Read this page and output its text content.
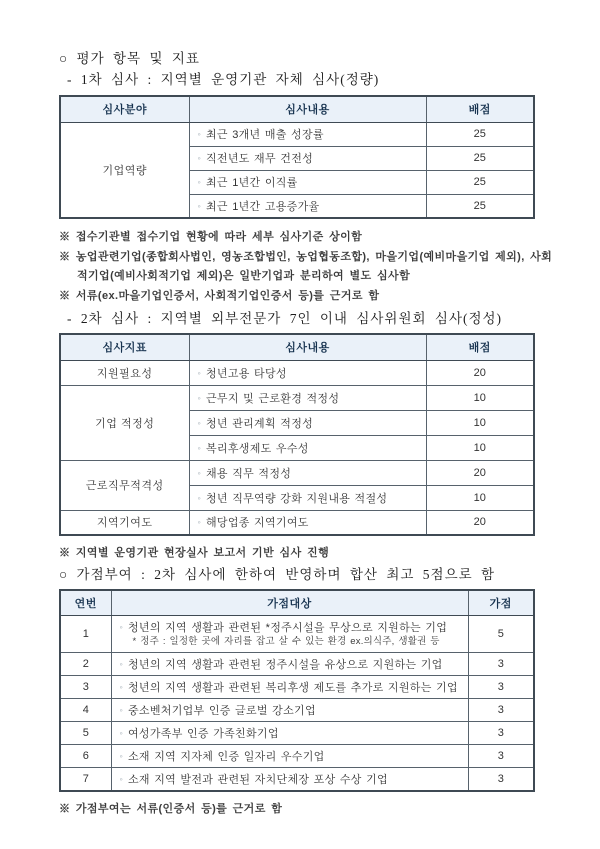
○ 평가 항목 및 지표
- 1차 심사 : 지역별 운영기관 자체 심사(정량)
심사분야	심사내용	배점
기업역량	◦ 최근 3개년 매출 성장률	25
	◦ 직전년도 재무 건전성	25
	◦ 최근 1년간 이직률	25
	◦ 최근 1년간 고용증가율	25
※ 접수기관별 접수기업 현황에 따라 세부 심사기준 상이함
※ 농업관련기업(종합회사법인, 영농조합법인, 농업협동조합), 마을기업(예비마을기업 제외), 사회적기업(예비사회적기업 제외)은 일반기업과 분리하여 별도 심사함
※ 서류(ex.마을기업인증서, 사회적기업인증서 등)를 근거로 함
- 2차 심사 : 지역별 외부전문가 7인 이내 심사위원회 심사(정성)
심사지표	심사내용	배점
지원필요성	◦ 청년고용 타당성	20
기업 적정성	◦ 근무지 및 근로환경 적정성	10
	◦ 청년 관리계획 적정성	10
	◦ 복리후생제도 우수성	10
근로직무적격성	◦ 채용 직무 적정성	20
	◦ 청년 직무역량 강화 지원내용 적절성	10
지역기여도	◦ 해당업종 지역기여도	20
※ 지역별 운영기관 현장실사 보고서 기반 심사 진행
○ 가점부여 : 2차 심사에 한하여 반영하며 합산 최고 5점으로 함
연번	가점대상	가점
1	◦ 청년의 지역 생활과 관련된 *정주시설을 무상으로 지원하는 기업
* 정주 : 일정한 곳에 자리를 잡고 살 수 있는 환경 ex.의식주, 생활권 등	5
2	◦ 청년의 지역 생활과 관련된 정주시설을 유상으로 지원하는 기업	3
3	◦ 청년의 지역 생활과 관련된 복리후생 제도를 추가로 지원하는 기업	3
4	◦ 중소벤처기업부 인증 글로벌 강소기업	3
5	◦ 여성가족부 인증 가족친화기업	3
6	◦ 소재 지역 지자체 인증 일자리 우수기업	3
7	◦ 소재 지역 발전과 관련된 자치단체장 포상 수상 기업	3
※ 가점부여는 서류(인증서 등)를 근거로 함
